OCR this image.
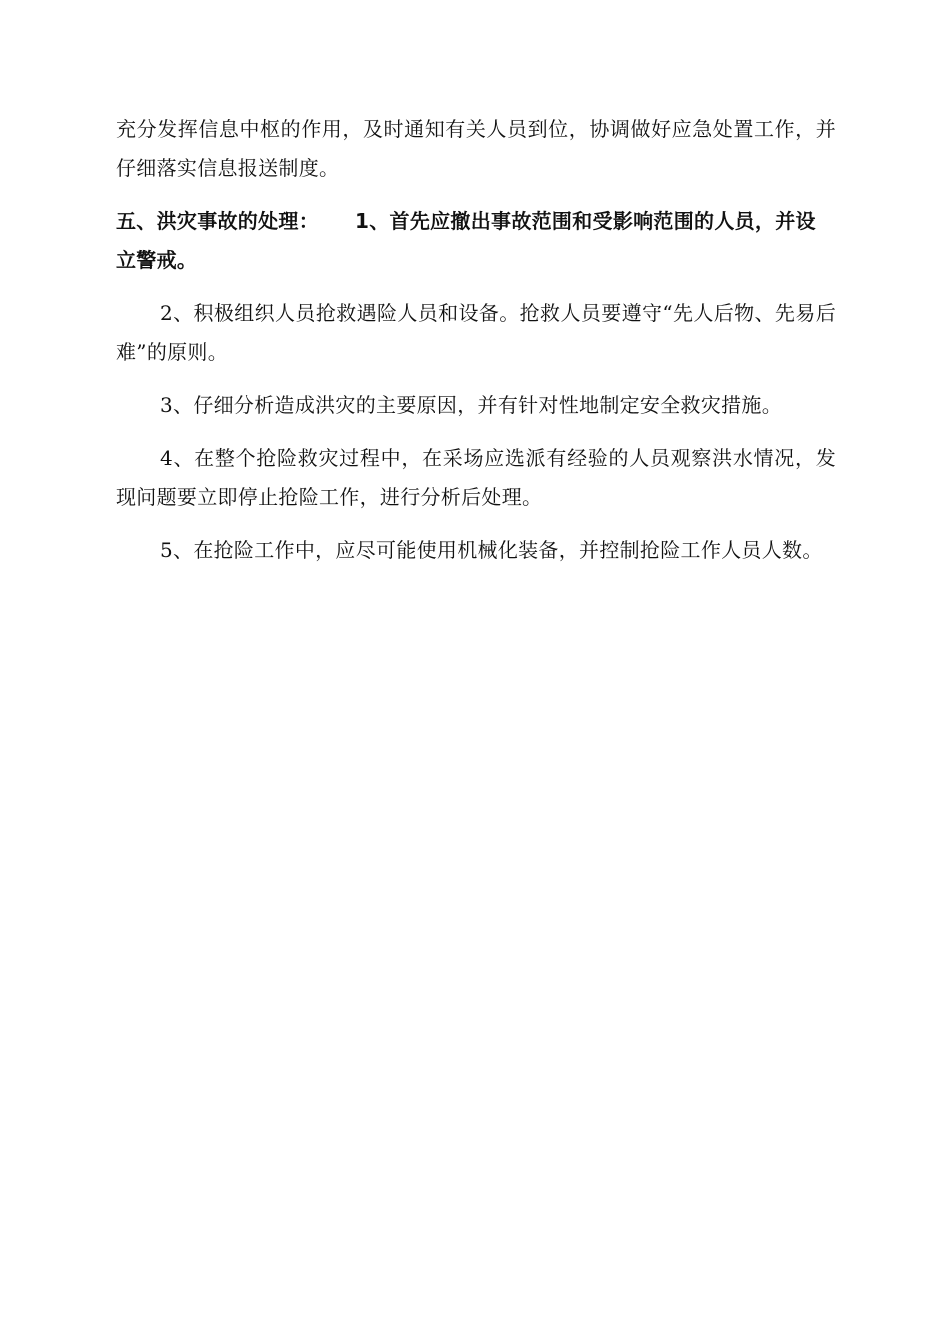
充分发挥信息中枢的作用，及时通知有关人员到位，协调做好应急处置工作，并仔细落实信息报送制度。

五、洪灾事故的处理： 1、首先应撤出事故范围和受影响范围的人员，并设立警戒。

2、积极组织人员抢救遇险人员和设备。抢救人员要遵守“先人后物、先易后难”的原则。

3、仔细分析造成洪灾的主要原因，并有针对性地制定安全救灾措施。

4、在整个抢险救灾过程中，在采场应选派有经验的人员观察洪水情况，发现问题要立即停止抢险工作，进行分析后处理。

5、在抢险工作中，应尽可能使用机械化装备，并控制抢险工作人员人数。
